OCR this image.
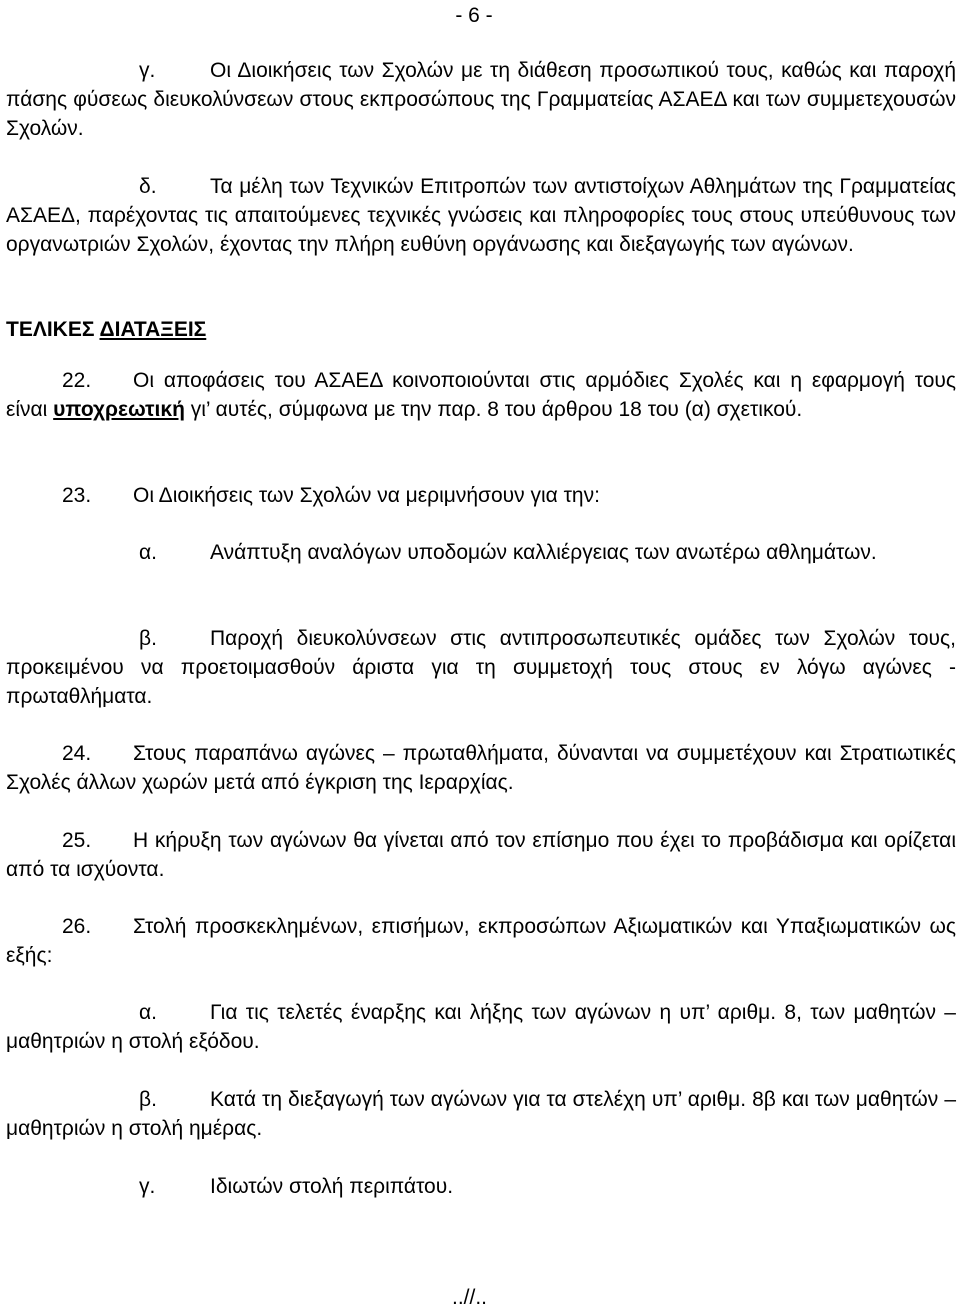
- 6 -
γ.	Οι Διοικήσεις των Σχολών με τη διάθεση προσωπικού τους, καθώς και παροχή πάσης φύσεως διευκολύνσεων στους εκπροσώπους της Γραμματείας ΑΣΑΕΔ και των συμμετεχουσών Σχολών.
δ.	Τα μέλη των Τεχνικών Επιτροπών των αντιστοίχων Αθλημάτων της Γραμματείας ΑΣΑΕΔ, παρέχοντας τις απαιτούμενες τεχνικές γνώσεις και πληροφορίες τους στους υπεύθυνους των οργανωτριών Σχολών, έχοντας την πλήρη ευθύνη οργάνωσης και διεξαγωγής των αγώνων.
ΤΕΛΙΚΕΣ ΔΙΑΤΑΞΕΙΣ
22. Οι αποφάσεις του ΑΣΑΕΔ κοινοποιούνται στις αρμόδιες Σχολές και η εφαρμογή τους είναι υποχρεωτική γι’ αυτές, σύμφωνα με την παρ. 8 του άρθρου 18 του (α) σχετικού.
23. Οι Διοικήσεις των Σχολών να μεριμνήσουν για την:
α.	Ανάπτυξη αναλόγων υποδομών καλλιέργειας των ανωτέρω αθλημάτων.
β.	Παροχή διευκολύνσεων στις αντιπροσωπευτικές ομάδες των Σχολών τους, προκειμένου να προετοιμασθούν άριστα για τη συμμετοχή τους στους εν λόγω αγώνες - πρωταθλήματα.
24. Στους παραπάνω αγώνες – πρωταθλήματα, δύνανται να συμμετέχουν και Στρατιωτικές Σχολές άλλων χωρών μετά από έγκριση της Ιεραρχίας.
25. Η κήρυξη των αγώνων θα γίνεται από τον επίσημο που έχει το προβάδισμα και ορίζεται από τα ισχύοντα.
26. Στολή προσκεκλημένων, επισήμων, εκπροσώπων Αξιωματικών και Υπαξιωματικών ως εξής:
α.	Για τις τελετές έναρξης και λήξης των αγώνων η υπ’ αριθμ. 8, των μαθητών – μαθητριών η στολή εξόδου.
β.	Κατά τη διεξαγωγή των αγώνων για τα στελέχη υπ’ αριθμ. 8β και των μαθητών – μαθητριών η στολή ημέρας.
γ.	Ιδιωτών στολή περιπάτου.
..//..
